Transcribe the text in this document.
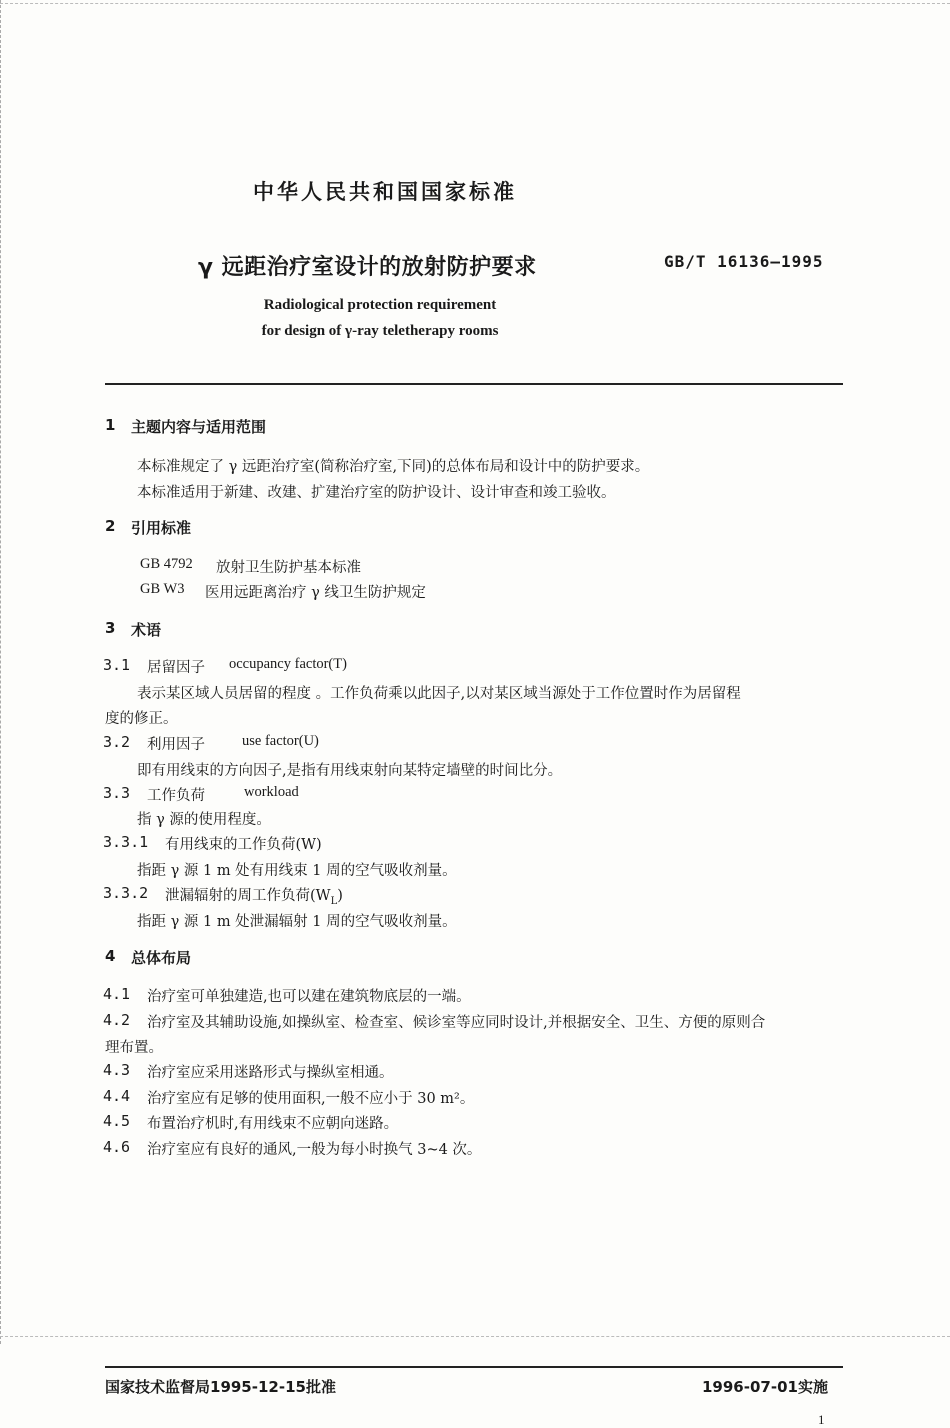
中华人民共和国国家标准
γ 远距治疗室设计的放射防护要求	GB/T 16136—1995
Radiological protection requirement
for design of γ-ray teletherapy rooms
1 主题内容与适用范围
本标准规定了 γ 远距治疗室(简称治疗室,下同)的总体布局和设计中的防护要求。
本标准适用于新建、改建、扩建治疗室的防护设计、设计审查和竣工验收。
2 引用标准
GB 4792 放射卫生防护基本标准
GB W3 医用远距离治疗 γ 线卫生防护规定
3 术语
3.1 居留因子 occupancy factor(T)
表示某区域人员居留的程度 。工作负荷乘以此因子,以对某区域当源处于工作位置时作为居留程
度的修正。
3.2 利用因子	use factor(U)
即有用线束的方向因子,是指有用线束射向某特定墙壁的时间比分。
3.3 工作负荷	workload
指 γ 源的使用程度。
3.3.1 有用线束的工作负荷(W)
指距 γ 源 1 m 处有用线束 1 周的空气吸收剂量。
3.3.2 泄漏辐射的周工作负荷$(W_L)$
指距 γ 源 1 m 处泄漏辐射 1 周的空气吸收剂量。
4 总体布局
4.1 治疗室可单独建造,也可以建在建筑物底层的一端。
4.2 治疗室及其辅助设施,如操纵室、检查室、候诊室等应同时设计,并根据安全、卫生、方便的原则合
理布置。
4.3 治疗室应采用迷路形式与操纵室相通。
4.4 治疗室应有足够的使用面积,一般不应小于 30 m²。
4.5 布置治疗机时,有用线束不应朝向迷路。
4.6 治疗室应有良好的通风,一般为每小时换气 3~4 次。
国家技术监督局1995-12-15批准	1996-07-01实施
1
